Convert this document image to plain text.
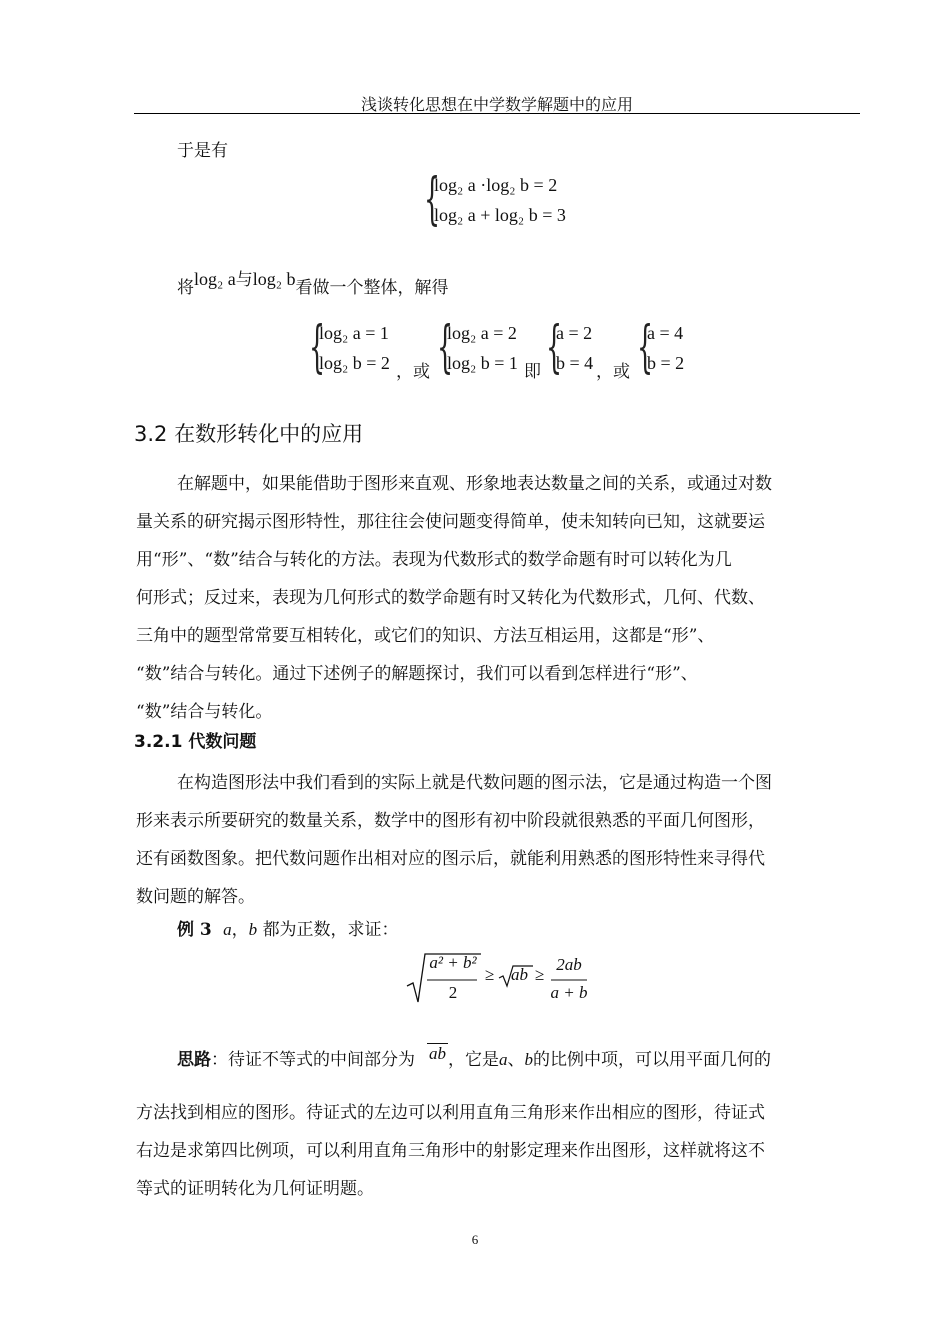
浅谈转化思想在中学数学解题中的应用
于是有
{
log₂ a ·log₂ b = 2
log₂ a + log₂ b = 3
将log₂ a与log₂ b看做一个整体，解得
{
log₂ a = 1
log₂ b = 2 ，或 {
log₂ a = 2
log₂ b = 1 即 {
a = 2
b = 4 ，或 {
a = 4
b = 2
3.2 在数形转化中的应用
在解题中，如果能借助于图形来直观、形象地表达数量之间的关系，或通过对数
量关系的研究揭示图形特性，那往往会使问题变得简单，使未知转向已知，这就要运
用“形”、“数”结合与转化的方法。表现为代数形式的数学命题有时可以转化为几
何形式；反过来，表现为几何形式的数学命题有时又转化为代数形式，几何、代数、
三角中的题型常常要互相转化，或它们的知识、方法互相运用，这都是“形”、
“数”结合与转化。通过下述例子的解题探讨，我们可以看到怎样进行“形”、
“数”结合与转化。
3.2.1 代数问题
在构造图形法中我们看到的实际上就是代数问题的图示法，它是通过构造一个图
形来表示所要研究的数量关系，数学中的图形有初中阶段就很熟悉的平面几何图形，
还有函数图象。把代数问题作出相对应的图示后，就能利用熟悉的图形特性来寻得代
数问题的解答。
例 3 a，b 都为正数，求证：
a² + b²
2
≥ ab ≥
2ab
a + b
思路：待证不等式的中间部分为 ab ，它是a、b的比例中项，可以用平面几何的
方法找到相应的图形。待证式的左边可以利用直角三角形来作出相应的图形，待证式
右边是求第四比例项，可以利用直角三角形中的射影定理来作出图形，这样就将这不
等式的证明转化为几何证明题。
6
